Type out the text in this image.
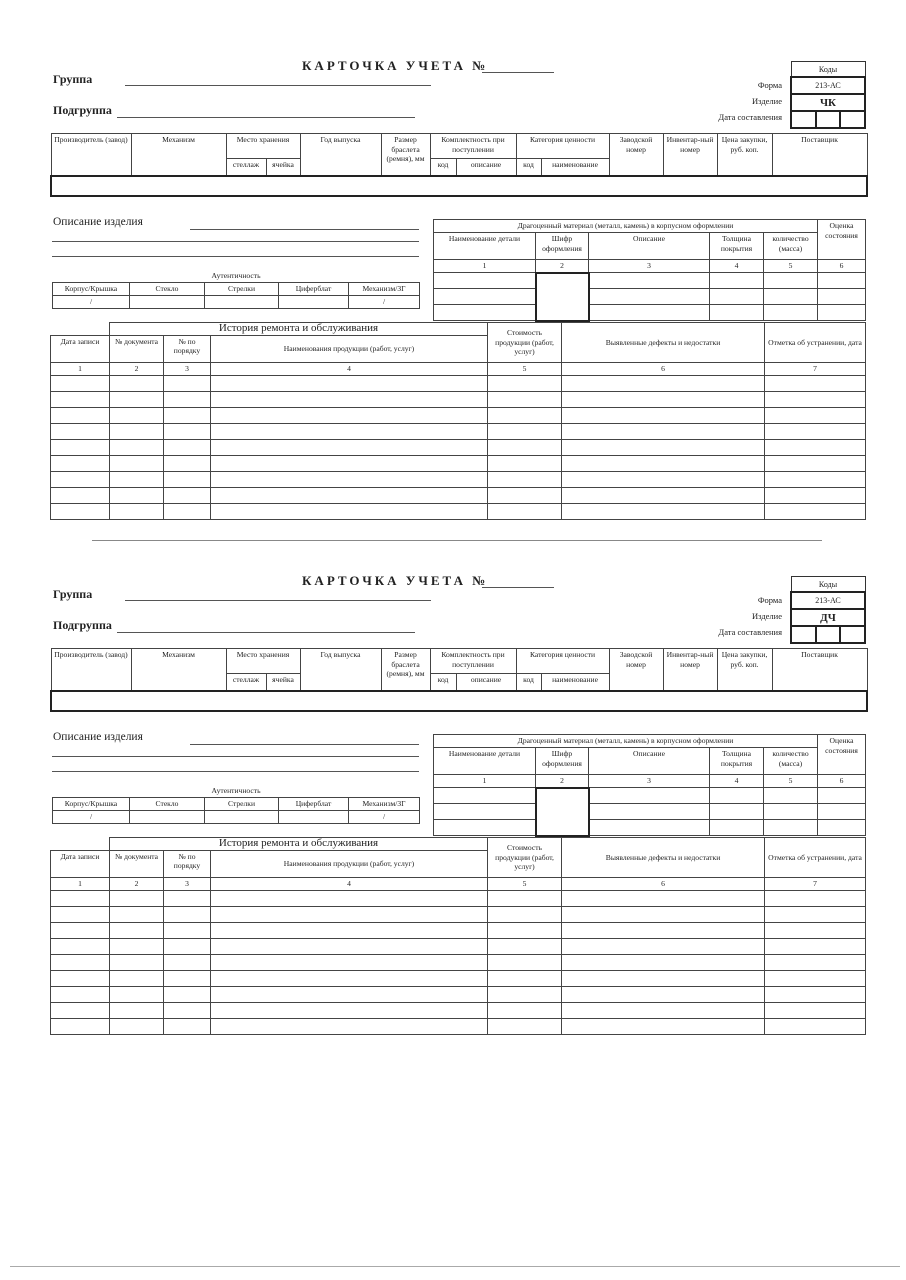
КАРТОЧКА УЧЕТА №
Группа
Подгруппа
Форма
Изделие
Дата составления
Коды
213-АС
ЧК

Производитель (завод)	Механизм	Место хранения		Год выпуска	Размер браслета (ремня), мм	Комплектность при поступлении		Категория ценности		Заводской номер	Инвентар-ный номер	Цена закупки, руб. коп.	Поставщик
		стеллаж	ячейка			код	описание	код	наименование				

Описание изделия
Аутентичность				
Корпус/Крышка	Стекло	Стрелки	Циферблат	Механизм/ЗГ
/				/
Драгоценный материал (металл, камень) в корпусном оформлении					Оценка состояния
Наименование детали	Шифр оформления	Описание	Толщина покрытия	количество (масса)	
1	2	3	4	5	6

	История ремонта и обслуживания			Стоимость продукции (работ, услуг)	Выявленные дефекты и недостатки	Отметка об устранении, дата
Дата записи	№ документа	№ по порядку	Наименования продукции (работ, услуг)			
1	2	3	4	5	6	7

КАРТОЧКА УЧЕТА №
Группа
Подгруппа
Форма
Изделие
Дата составления
Коды
213-АС
ДЧ

Производитель (завод)	Механизм	Место хранения		Год выпуска	Размер браслета (ремня), мм	Комплектность при поступлении		Категория ценности		Заводской номер	Инвентар-ный номер	Цена закупки, руб. коп.	Поставщик
		стеллаж	ячейка			код	описание	код	наименование				

Описание изделия
Аутентичность				
Корпус/Крышка	Стекло	Стрелки	Циферблат	Механизм/ЗГ
/				/
Драгоценный материал (металл, камень) в корпусном оформлении					Оценка состояния
Наименование детали	Шифр оформления	Описание	Толщина покрытия	количество (масса)	
1	2	3	4	5	6

	История ремонта и обслуживания			Стоимость продукции (работ, услуг)	Выявленные дефекты и недостатки	Отметка об устранении, дата
Дата записи	№ документа	№ по порядку	Наименования продукции (работ, услуг)			
1	2	3	4	5	6	7
